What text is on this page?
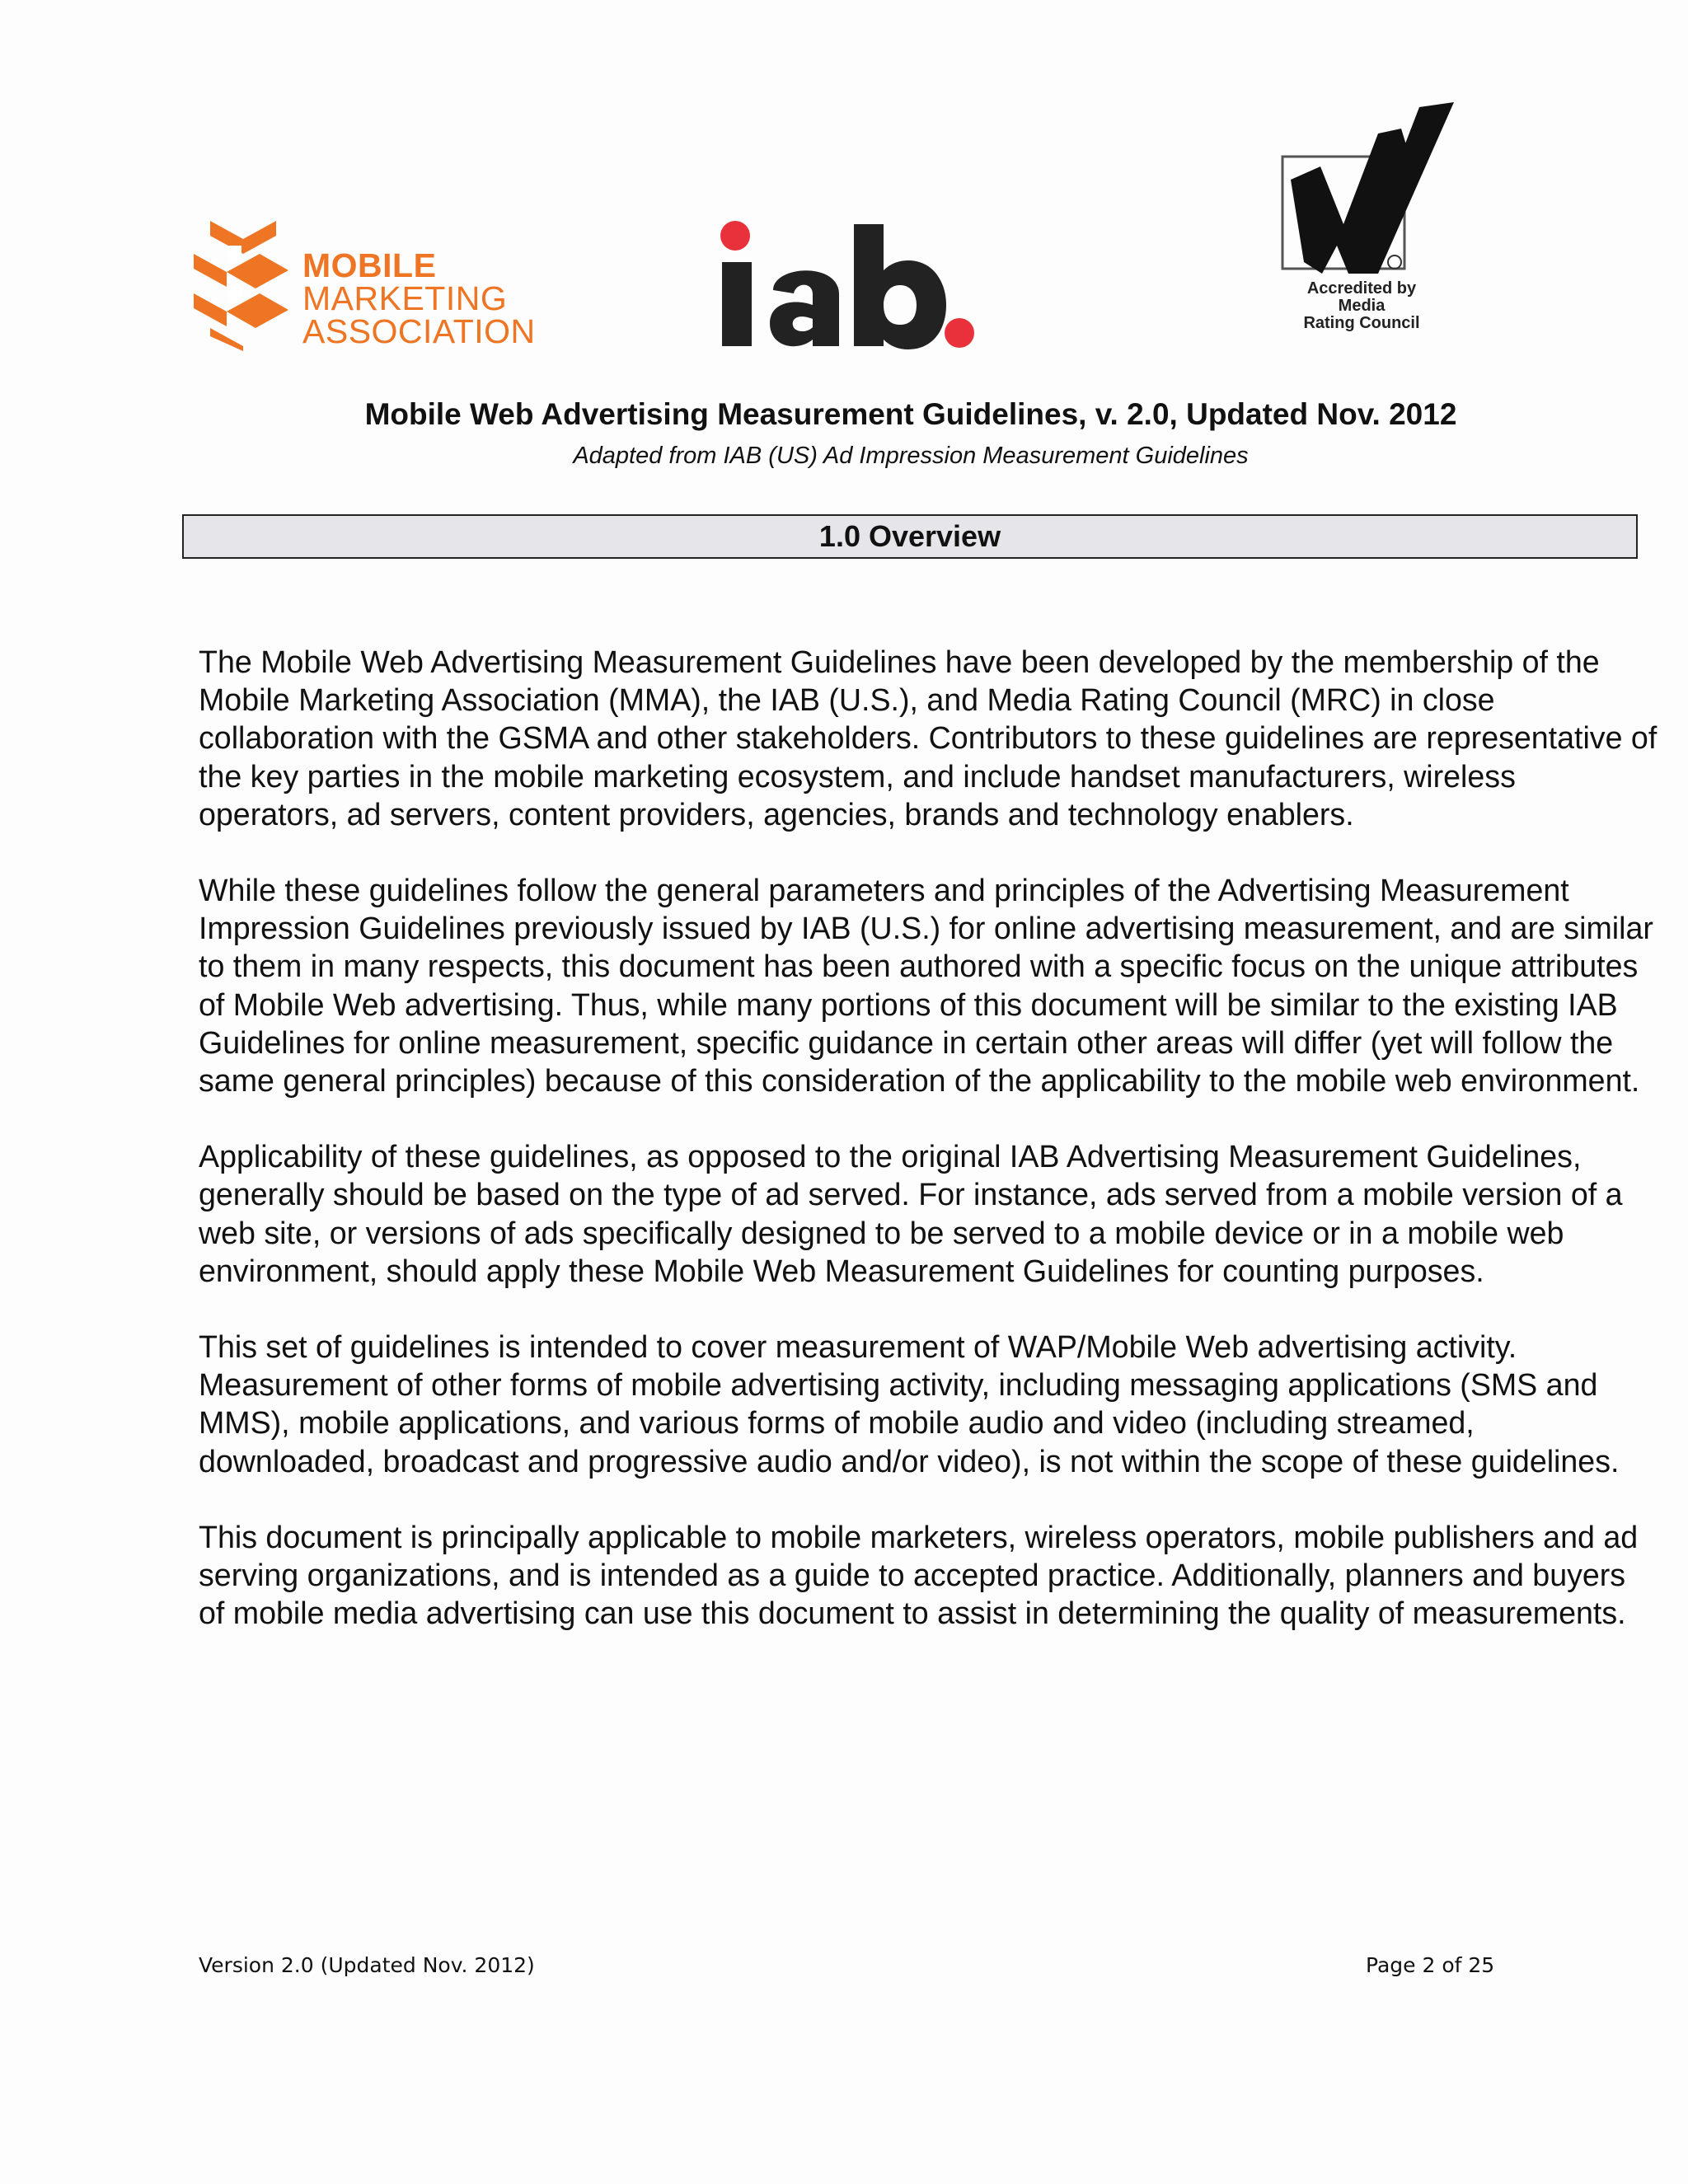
MOBILE
MARKETING
ASSOCIATION
Accredited by
Media
Rating Council
Mobile Web Advertising Measurement Guidelines, v. 2.0, Updated Nov. 2012
Adapted from IAB (US) Ad Impression Measurement Guidelines
1.0 Overview

The Mobile Web Advertising Measurement Guidelines have been developed by the membership of the Mobile Marketing Association (MMA), the IAB (U.S.), and Media Rating Council (MRC) in close collaboration with the GSMA and other stakeholders. Contributors to these guidelines are representative of the key parties in the mobile marketing ecosystem, and include handset manufacturers, wireless operators, ad servers, content providers, agencies, brands and technology enablers.

While these guidelines follow the general parameters and principles of the Advertising Measurement Impression Guidelines previously issued by IAB (U.S.) for online advertising measurement, and are similar to them in many respects, this document has been authored with a specific focus on the unique attributes of Mobile Web advertising. Thus, while many portions of this document will be similar to the existing IAB Guidelines for online measurement, specific guidance in certain other areas will differ (yet will follow the same general principles) because of this consideration of the applicability to the mobile web environment.

Applicability of these guidelines, as opposed to the original IAB Advertising Measurement Guidelines, generally should be based on the type of ad served. For instance, ads served from a mobile version of a web site, or versions of ads specifically designed to be served to a mobile device or in a mobile web environment, should apply these Mobile Web Measurement Guidelines for counting purposes.

This set of guidelines is intended to cover measurement of WAP/Mobile Web advertising activity. Measurement of other forms of mobile advertising activity, including messaging applications (SMS and MMS), mobile applications, and various forms of mobile audio and video (including streamed, downloaded, broadcast and progressive audio and/or video), is not within the scope of these guidelines.

This document is principally applicable to mobile marketers, wireless operators, mobile publishers and ad serving organizations, and is intended as a guide to accepted practice. Additionally, planners and buyers of mobile media advertising can use this document to assist in determining the quality of measurements.

Version 2.0 (Updated Nov. 2012)	Page 2 of 25
